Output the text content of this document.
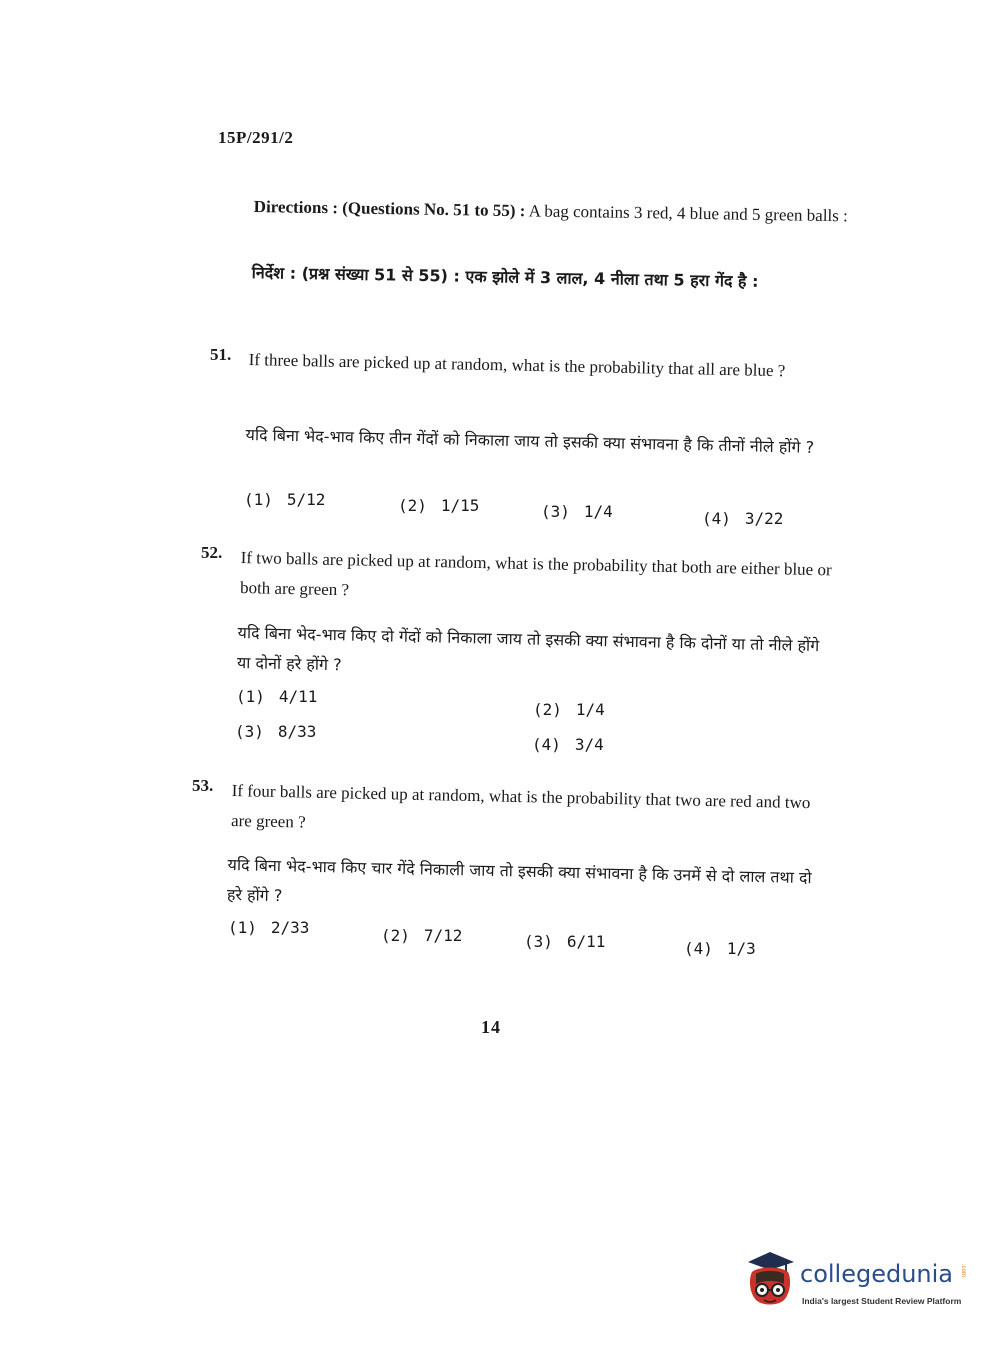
15P/291/2
Directions : (Questions No. 51 to 55) : A bag contains 3 red, 4 blue and 5 green balls :
निर्देश : (प्रश्न संख्या 51 से 55) : एक झोले में 3 लाल, 4 नीला तथा 5 हरा गेंद है :
51. If three balls are picked up at random, what is the probability that all are blue ?
यदि बिना भेद-भाव किए तीन गेंदों को निकाला जाय तो इसकी क्या संभावना है कि तीनों नीले होंगे ?
(1) 5/12	(2) 1/15	(3) 1/4	(4) 3/22
52. If two balls are picked up at random, what is the probability that both are either blue or both are green ?
यदि बिना भेद-भाव किए दो गेंदों को निकाला जाय तो इसकी क्या संभावना है कि दोनों या तो नीले होंगे या दोनों हरे होंगे ?
(1) 4/11
(2) 1/4
(3) 8/33
(4) 3/4
53. If four balls are picked up at random, what is the probability that two are red and two are green ?
यदि बिना भेद-भाव किए चार गेंदे निकाली जाय तो इसकी क्या संभावना है कि उनमें से दो लाल तथा दो हरे होंगे ?
(1) 2/33	(2) 7/12	(3) 6/11	(4) 1/3
14
collegedunia .com
India's largest Student Review Platform
